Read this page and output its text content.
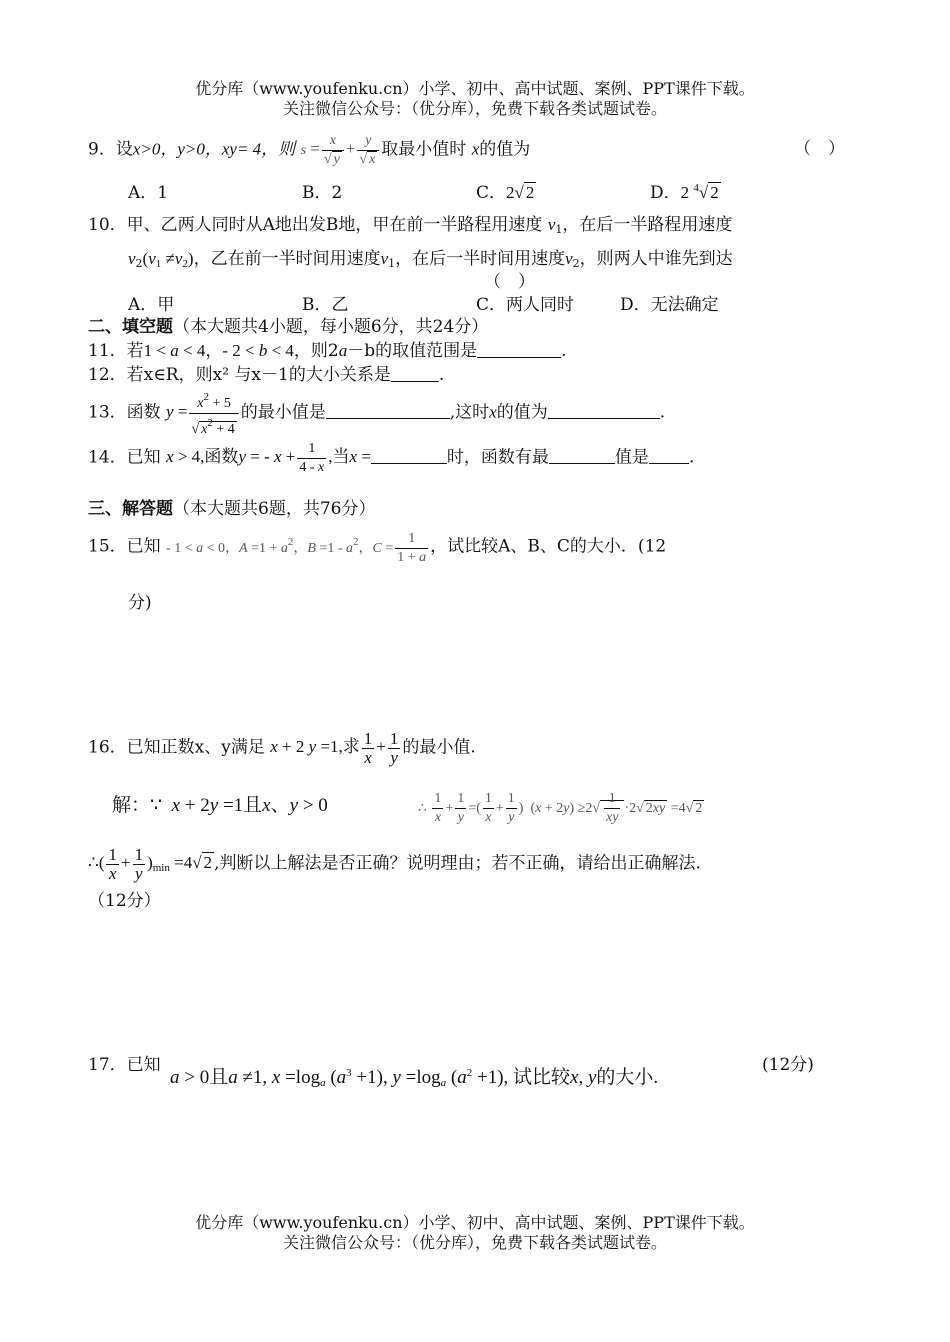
优分库（www.youfenku.cn）小学、初中、高中试题、案例、PPT课件下载。
关注微信公众号：（优分库），免费下载各类试题试卷。
9．设x>0，y>0，xy= 4，则 $s = \frac{x}{√ y} + \frac{y}{√ x}$ 取最小值时 x的值为	（　）
A．1	B．2	C．2√ 2	D．2 $^4$√ 2
10．甲、乙两人同时从A地出发B地，甲在前一半路程用速度 $v_1$，在后一半路程用速度
$v_2(v_1 \ne v_2)$，乙在前一半时间用速度$v_1$，在后一半时间用速度$v_2$，则两人中谁先到达
（　）
A．甲	B．乙	C．两人同时	D．无法确定
二、填空题（本大题共4小题，每小题6分，共24分）
11．若1 < a < 4，- 2 < b < 4，则2a－b的取值范围是	.
12．若x∈R，则x² 与x－1的大小关系是	.
13．函数 $y = \frac{x^2 + 5}{√ x^2 + 4}$ 的最小值是	,这时x的值为	.
14．已知 x > 4,函数y = - $x + \frac{1}{4 - x}$ ,当x =	时，函数有最	值是 .
三、解答题（本大题共6题，共76分）
15．已知 - 1 < a < 0，$A =1 + a^2$，$B =1 - a^2$，$C = \frac{1}{1 + a}$ ，试比较A、B、C的大小．(12
分)
16．已知正数x、y满足 x + 2 y =1,求 $\frac{1}{x} + \frac{1}{y}$ 的最小值.
解：∵  x + 2y =1且x、y > 0	∴ $\frac{1}{x} + \frac{1}{y}$ =( $\frac{1}{x} + \frac{1}{y}$ )  $(x + 2y) \ge 2√ \frac{1}{xy} \cdot 2√$ 2xy =4√ 2
∴( $\frac{1}{x} + \frac{1}{y} )_{min} =4√$ 2 ,判断以上解法是否正确？说明理由；若不正确，请给出正确解法.
（12分）
17．已知
a > 0且a ≠1, $x =\log_a$ $(a^3 +1)$, $y =\log_a$ $(a^2 +1)$, 试比较x, y的大小.
(12分)
优分库（www.youfenku.cn）小学、初中、高中试题、案例、PPT课件下载。
关注微信公众号：（优分库），免费下载各类试题试卷。
